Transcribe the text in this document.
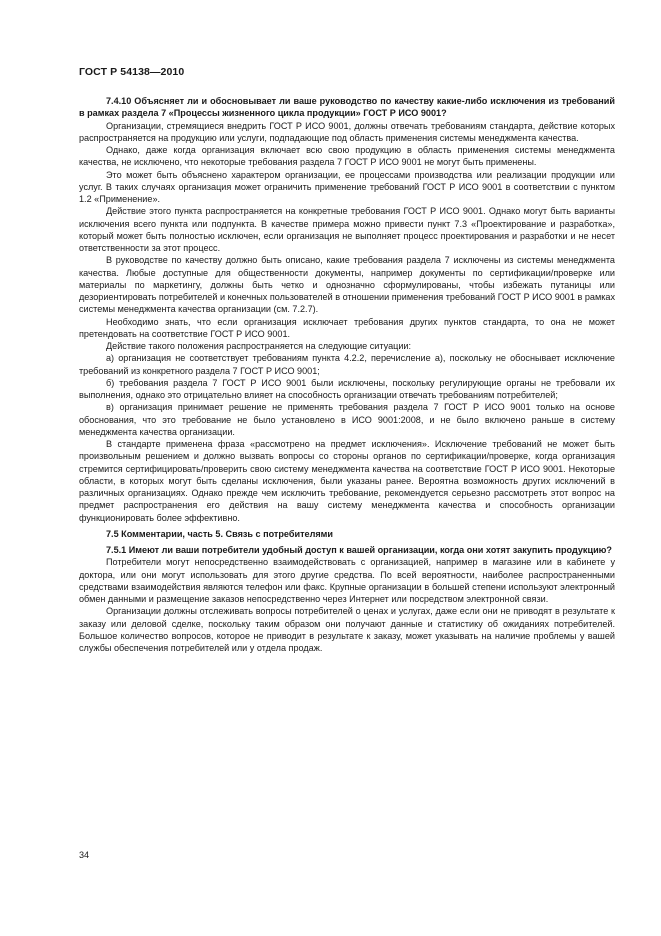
ГОСТ Р 54138—2010

7.4.10 Объясняет ли и обосновывает ли ваше руководство по качеству какие-либо исключения из требований в рамках раздела 7 «Процессы жизненного цикла продукции» ГОСТ Р ИСО 9001?

Организации, стремящиеся внедрить ГОСТ Р ИСО 9001, должны отвечать требованиям стандарта, действие которых распространяется на продукцию или услуги, подпадающие под область применения системы менеджмента качества.

Однако, даже когда организация включает всю свою продукцию в область применения системы менеджмента качества, не исключено, что некоторые требования раздела 7 ГОСТ Р ИСО 9001 не могут быть применены.

Это может быть объяснено характером организации, ее процессами производства или реализации продукции или услуг. В таких случаях организация может ограничить применение требований ГОСТ Р ИСО 9001 в соответствии с пунктом 1.2 «Применение».

Действие этого пункта распространяется на конкретные требования ГОСТ Р ИСО 9001. Однако могут быть варианты исключения всего пункта или подпункта. В качестве примера можно привести пункт 7.3 «Проектирование и разработка», который может быть полностью исключен, если организация не выполняет процесс проектирования и разработки и не несет ответственности за этот процесс.

В руководстве по качеству должно быть описано, какие требования раздела 7 исключены из системы менеджмента качества. Любые доступные для общественности документы, например документы по сертификации/проверке или материалы по маркетингу, должны быть четко и однозначно сформулированы, чтобы избежать путаницы или дезориентировать потребителей и конечных пользователей в отношении применения требований ГОСТ Р ИСО 9001 в рамках системы менеджмента качества организации (см. 7.2.7).

Необходимо знать, что если организация исключает требования других пунктов стандарта, то она не может претендовать на соответствие ГОСТ Р ИСО 9001.

Действие такого положения распространяется на следующие ситуации:

а) организация не соответствует требованиям пункта 4.2.2, перечисление а), поскольку не обоснывает исключение требований из конкретного раздела 7 ГОСТ Р ИСО 9001;

б) требования раздела 7 ГОСТ Р ИСО 9001 были исключены, поскольку регулирующие органы не требовали их выполнения, однако это отрицательно влияет на способность организации отвечать требованиям потребителей;

в) организация принимает решение не применять требования раздела 7 ГОСТ Р ИСО 9001 только на основе обоснования, что это требование не было установлено в ИСО 9001:2008, и не было включено раньше в систему менеджмента качества организации.

В стандарте применена фраза «рассмотрено на предмет исключения». Исключение требований не может быть произвольным решением и должно вызвать вопросы со стороны органов по сертификации/проверке, когда организация стремится сертифицировать/проверить свою систему менеджмента качества на соответствие ГОСТ Р ИСО 9001. Некоторые области, в которых могут быть сделаны исключения, были указаны ранее. Вероятна возможность других исключений в различных организациях. Однако прежде чем исключить требование, рекомендуется серьезно рассмотреть этот вопрос на предмет распространения его действия на вашу систему менеджмента качества и способность организации функционировать более эффективно.

7.5 Комментарии, часть 5. Связь с потребителями

7.5.1 Имеют ли ваши потребители удобный доступ к вашей организации, когда они хотят закупить продукцию?

Потребители могут непосредственно взаимодействовать с организацией, например в магазине или в кабинете у доктора, или они могут использовать для этого другие средства. По всей вероятности, наиболее распространенными средствами взаимодействия являются телефон или факс. Крупные организации в большей степени используют электронный обмен данными и размещение заказов непосредственно через Интернет или посредством электронной связи.

Организации должны отслеживать вопросы потребителей о ценах и услугах, даже если они не приводят в результате к заказу или деловой сделке, поскольку таким образом они получают данные и статистику об ожиданиях потребителей. Большое количество вопросов, которое не приводит в результате к заказу, может указывать на наличие проблемы у вашей службы обеспечения потребителей или у отдела продаж.

34
